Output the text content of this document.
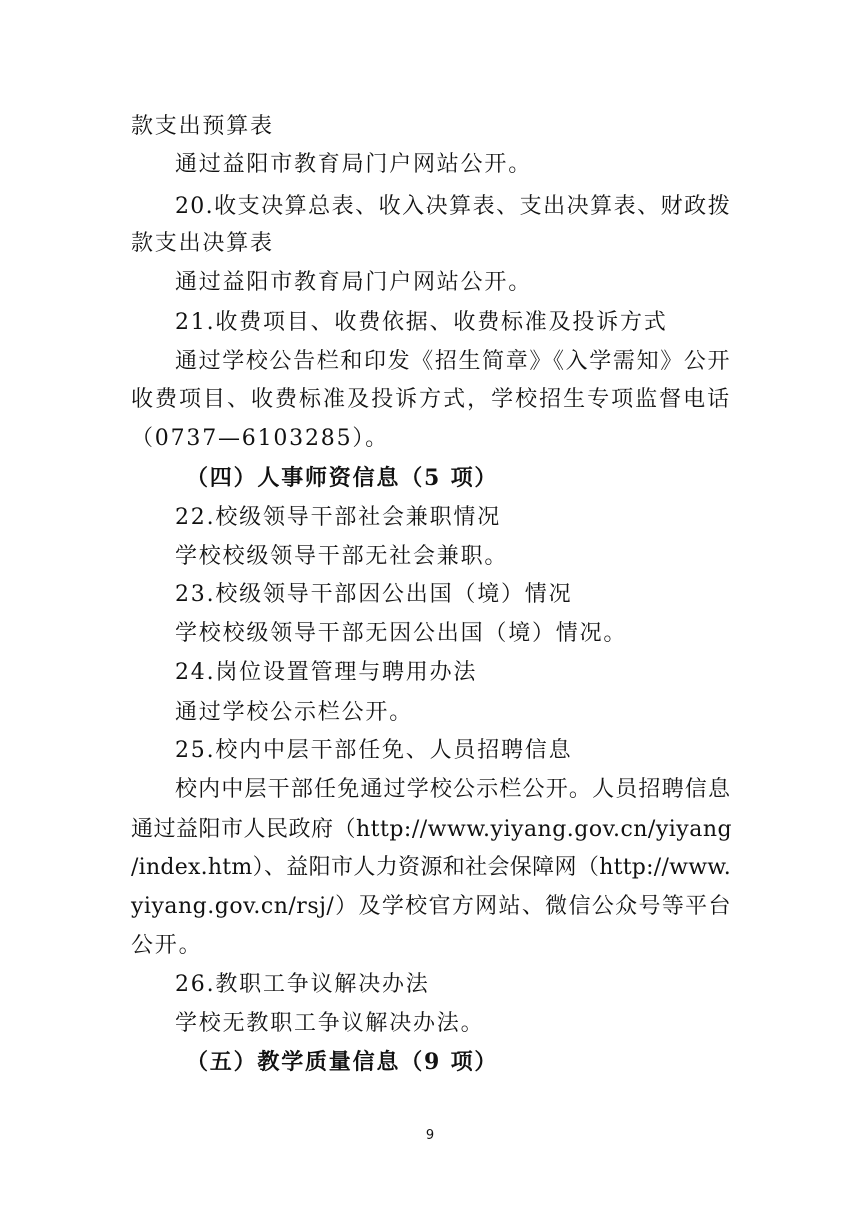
款支出预算表
通过益阳市教育局门户网站公开。
20.收支决算总表、收入决算表、支出决算表、财政拨
款支出决算表
通过益阳市教育局门户网站公开。
21.收费项目、收费依据、收费标准及投诉方式
通过学校公告栏和印发《招生简章》《入学需知》公开
收费项目、收费标准及投诉方式，学校招生专项监督电话
（0737—6103285）。
（四）人事师资信息（5 项）
22.校级领导干部社会兼职情况
学校校级领导干部无社会兼职。
23.校级领导干部因公出国（境）情况
学校校级领导干部无因公出国（境）情况。
24.岗位设置管理与聘用办法
通过学校公示栏公开。
25.校内中层干部任免、人员招聘信息
校内中层干部任免通过学校公示栏公开。人员招聘信息
通过益阳市人民政府（http://www.yiyang.gov.cn/yiyang
/index.htm）、益阳市人力资源和社会保障网（http://www.
yiyang.gov.cn/rsj/）及学校官方网站、微信公众号等平台
公开。
26.教职工争议解决办法
学校无教职工争议解决办法。
（五）教学质量信息（9 项）
9
